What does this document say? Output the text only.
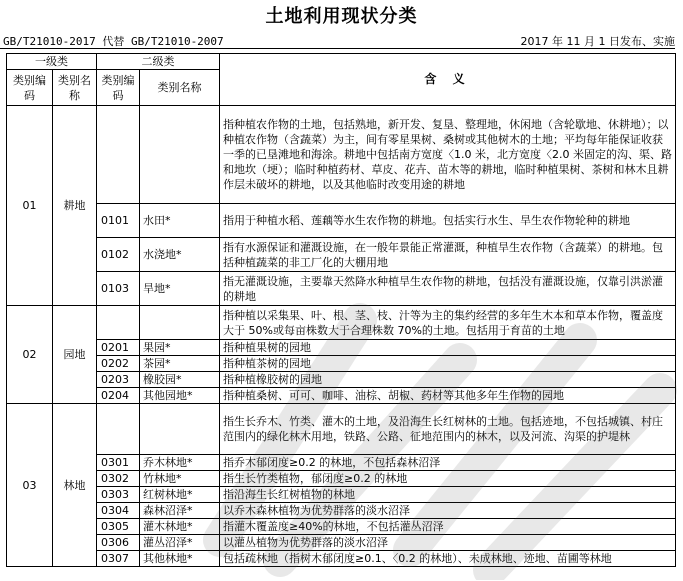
土地利用现状分类
GB/T21010-2017 代替 GB/T21010-2007	2017 年 11 月 1 日发布、实施
一级类		二级类		含 义
类别编码	类别名称	类别编码	类别名称	
01	耕地			指种植农作物的土地，包括熟地，新开发、复垦、整理地，休闲地（含轮歇地、休耕地）；以种植农作物（含蔬菜）为主，间有零星果树、桑树或其他树木的土地；平均每年能保证收获一季的已垦滩地和海涂。耕地中包括南方宽度〈1.0 米，北方宽度〈2.0 米固定的沟、渠、路和地坎（埂）；临时种植药材、草皮、花卉、苗木等的耕地，临时种植果树、茶树和林木且耕作层未破坏的耕地，以及其他临时改变用途的耕地
		0101	水田*	指用于种植水稻、莲藕等水生农作物的耕地。包括实行水生、旱生农作物轮种的耕地
		0102	水浇地*	指有水源保证和灌溉设施，在一般年景能正常灌溉，种植旱生农作物（含蔬菜）的耕地。包括种植蔬菜的非工厂化的大棚用地
		0103	旱地*	指无灌溉设施，主要靠天然降水种植旱生农作物的耕地，包括没有灌溉设施，仅靠引洪淤灌的耕地
02	园地			指种植以采集果、叶、根、茎、枝、汁等为主的集约经营的多年生木本和草本作物，覆盖度大于 50%或每亩株数大于合理株数 70%的土地。包括用于育苗的土地
		0201	果园*	指种植果树的园地
		0202	茶园*	指种植茶树的园地
		0203	橡胶园*	指种植橡胶树的园地
		0204	其他园地*	指种植桑树、可可、咖啡、油棕、胡椒、药材等其他多年生作物的园地
03	林地			指生长乔木、竹类、灌木的土地，及沿海生长红树林的土地。包括迹地，不包括城镇、村庄范围内的绿化林木用地，铁路、公路、征地范围内的林木，以及河流、沟渠的护堤林
		0301	乔木林地*	指乔木郁闭度≥0.2 的林地，不包括森林沼泽
		0302	竹林地*	指生长竹类植物，郁闭度≥0.2 的林地
		0303	红树林地*	指沿海生长红树植物的林地
		0304	森林沼泽*	以乔木森林植物为优势群落的淡水沼泽
		0305	灌木林地*	指灌木覆盖度≥40%的林地，不包括灌丛沼泽
		0306	灌丛沼泽*	以灌丛植物为优势群落的淡水沼泽
		0307	其他林地*	包括疏林地（指树木郁闭度≥0.1、〈0.2 的林地）、未成林地、迹地、苗圃等林地
